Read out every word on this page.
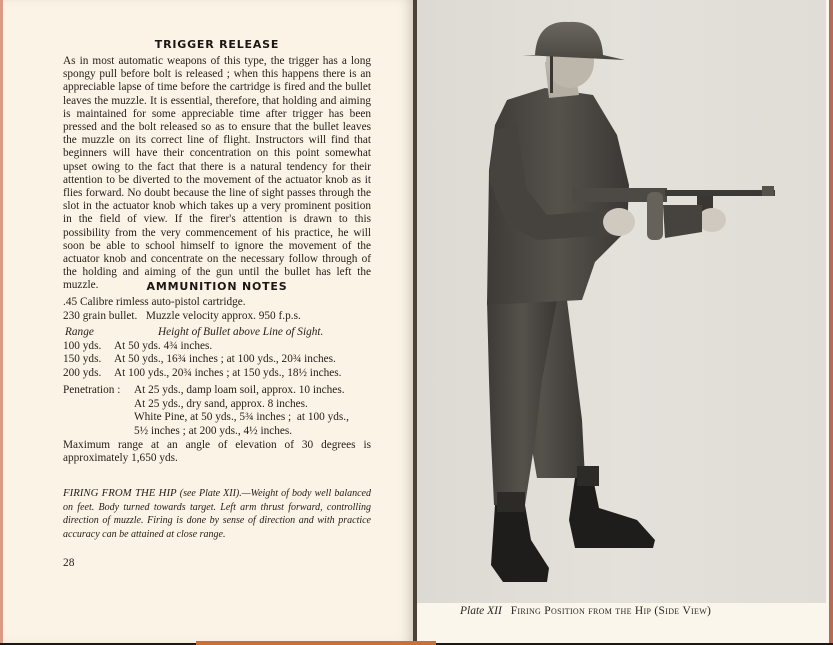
TRIGGER RELEASE
As in most automatic weapons of this type, the trigger has a long spongy pull before bolt is released ; when this happens there is an appreciable lapse of time before the cartridge is fired and the bullet leaves the muzzle. It is essential, therefore, that holding and aiming is maintained for some appreciable time after trigger has been pressed and the bolt released so as to ensure that the bullet leaves the muzzle on its correct line of flight. Instructors will find that beginners will have their concentration on this point somewhat upset owing to the fact that there is a natural tendency for their attention to be diverted to the movement of the actuator knob as it flies forward. No doubt because the line of sight passes through the slot in the actuator knob which takes up a very prominent position in the field of view. If the firer's attention is drawn to this possibility from the very commencement of his practice, he will soon be able to school himself to ignore the movement of the actuator knob and concentrate on the necessary follow through of the holding and aiming of the gun until the bullet has left the muzzle.	AMMUNITION NOTES
.45 Calibre rimless auto-pistol cartridge.
230 grain bullet.   Muzzle velocity approx. 950 f.p.s.
Range	Height of Bullet above Line of Sight.
100 yds.	At 50 yds. 4¾ inches.
150 yds.	At 50 yds., 16¾ inches ; at 100 yds., 20¾ inches.
200 yds.	At 100 yds., 20¾ inches ; at 150 yds., 18½ inches.
Penetration :	At 25 yds., damp loam soil, approx. 10 inches.
At 25 yds., dry sand, approx. 8 inches.
White Pine, at 50 yds., 5¾ inches ;  at 100 yds.,
5½ inches ; at 200 yds., 4½ inches.
Maximum range at an angle of elevation of 30 degrees is approximately 1,650 yds.
FIRING FROM THE HIP (see Plate XII).—Weight of body well balanced on feet. Body turned towards target. Left arm thrust forward, controlling direction of muzzle. Firing is done by sense of direction and with practice accuracy can be attained at close range.
28
Plate XII Firing Position from the Hip (Side View)
